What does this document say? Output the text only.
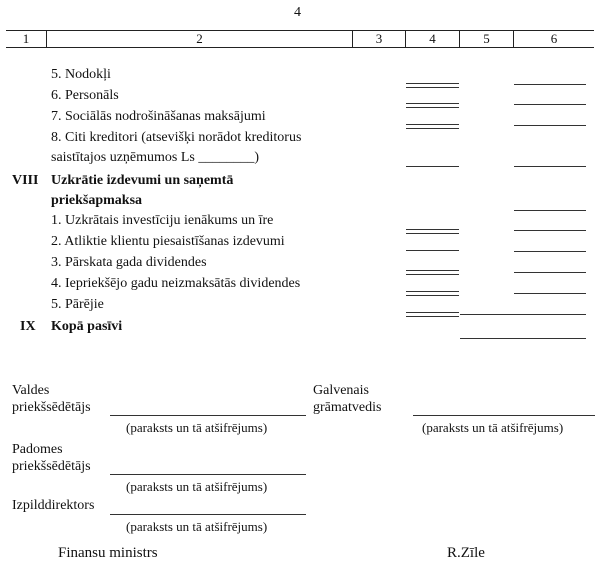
4
1	2	3	4	5	6
5. Nodokļi
6. Personāls
7. Sociālās nodrošināšanas maksājumi
8. Citi kreditori (atsevišķi norādot kreditorus
saistītajos uzņēmumos Ls ________)
VIII Uzkrātie izdevumi un saņemtā
priekšapmaksa
1. Uzkrātais investīciju ienākums un īre
2. Atliktie klientu piesaistīšanas izdevumi
3. Pārskata gada dividendes
4. Iepriekšējo gadu neizmaksātās dividendes
5. Pārējie
IX Kopā pasīvi
Valdes
priekšsēdētājs
(paraksts un tā atšifrējums)
Galvenais
grāmatvedis
(paraksts un tā atšifrējums)
Padomes
priekšsēdētājs
(paraksts un tā atšifrējums)
Izpilddirektors
(paraksts un tā atšifrējums)
Finansu ministrs	R.Zīle
